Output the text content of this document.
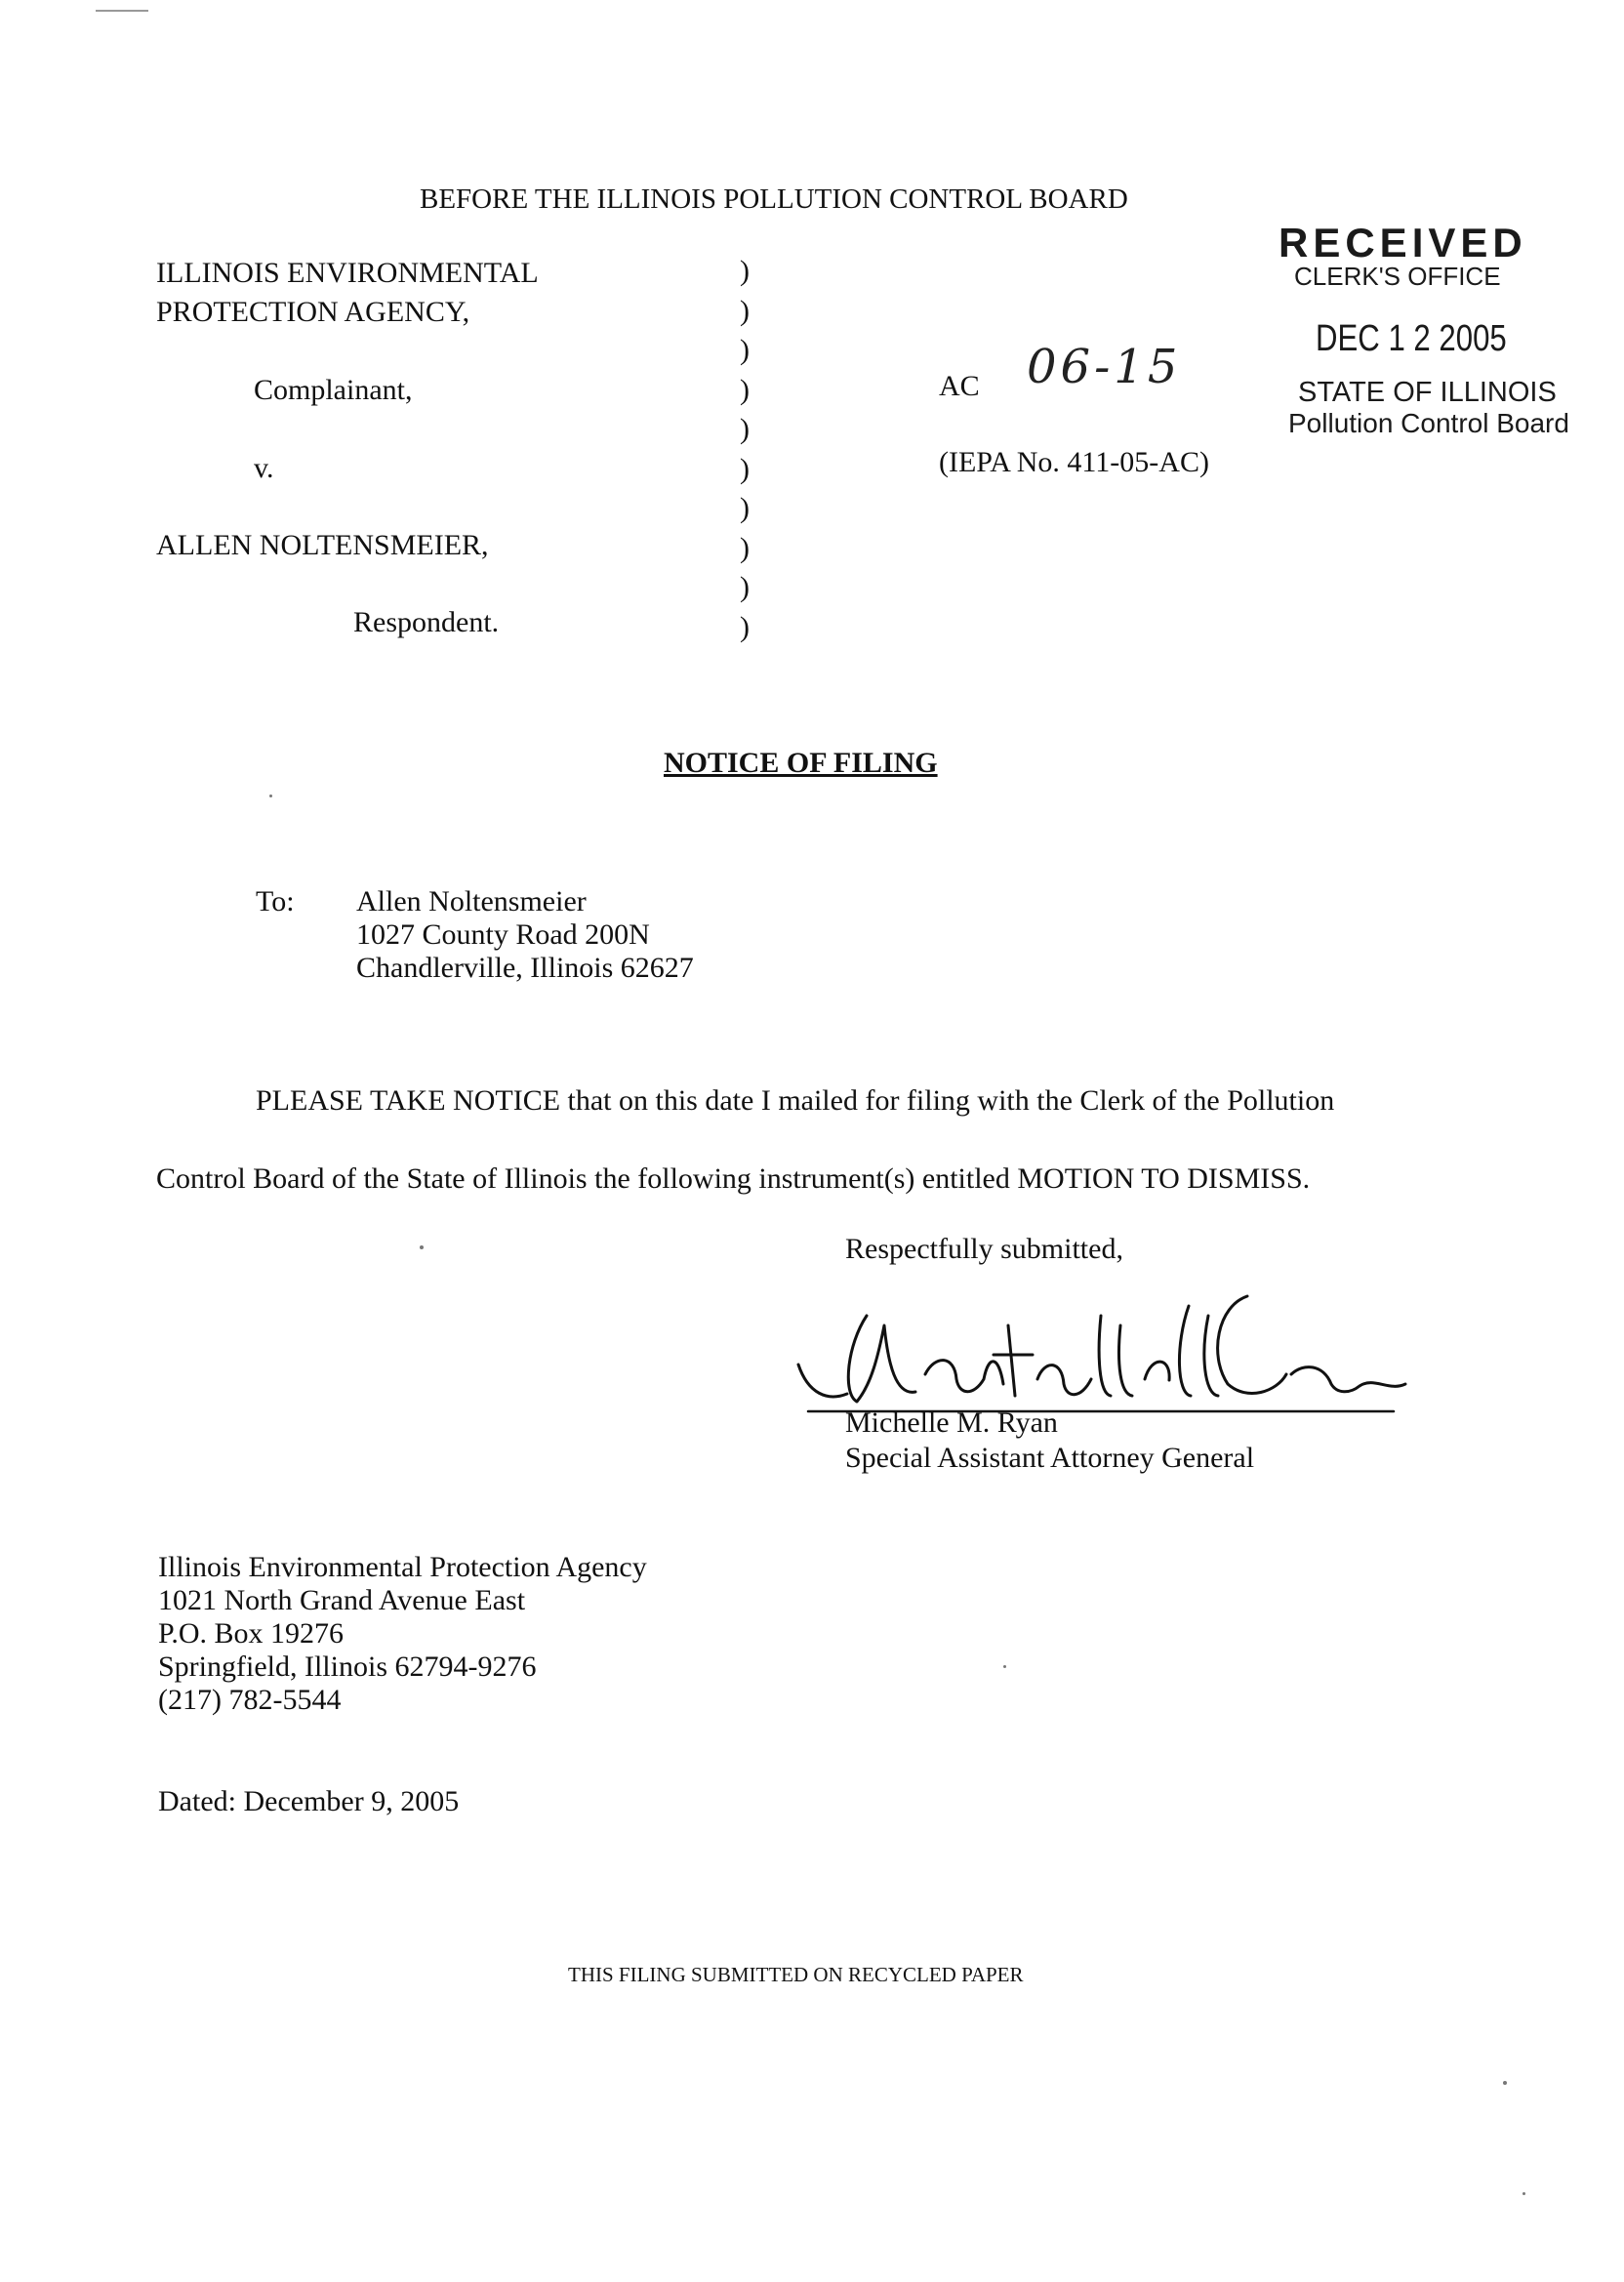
BEFORE THE ILLINOIS POLLUTION CONTROL BOARD
ILLINOIS ENVIRONMENTAL
PROTECTION AGENCY,
Complainant,
v.
ALLEN NOLTENSMEIER,
Respondent.
)
)
)
)
)
)
)
)
)
)
AC 06-15
(IEPA No. 411-05-AC)
RECEIVED
CLERK'S OFFICE
DEC 1 2 2005
STATE OF ILLINOIS
Pollution Control Board
NOTICE OF FILING
To: Allen Noltensmeier
1027 County Road 200N
Chandlerville, Illinois 62627
PLEASE TAKE NOTICE that on this date I mailed for filing with the Clerk of the Pollution
Control Board of the State of Illinois the following instrument(s) entitled MOTION TO DISMISS.
Respectfully submitted,
Michelle M. Ryan
Special Assistant Attorney General
Illinois Environmental Protection Agency
1021 North Grand Avenue East
P.O. Box 19276
Springfield, Illinois 62794-9276
(217) 782-5544
Dated: December 9, 2005
THIS FILING SUBMITTED ON RECYCLED PAPER
